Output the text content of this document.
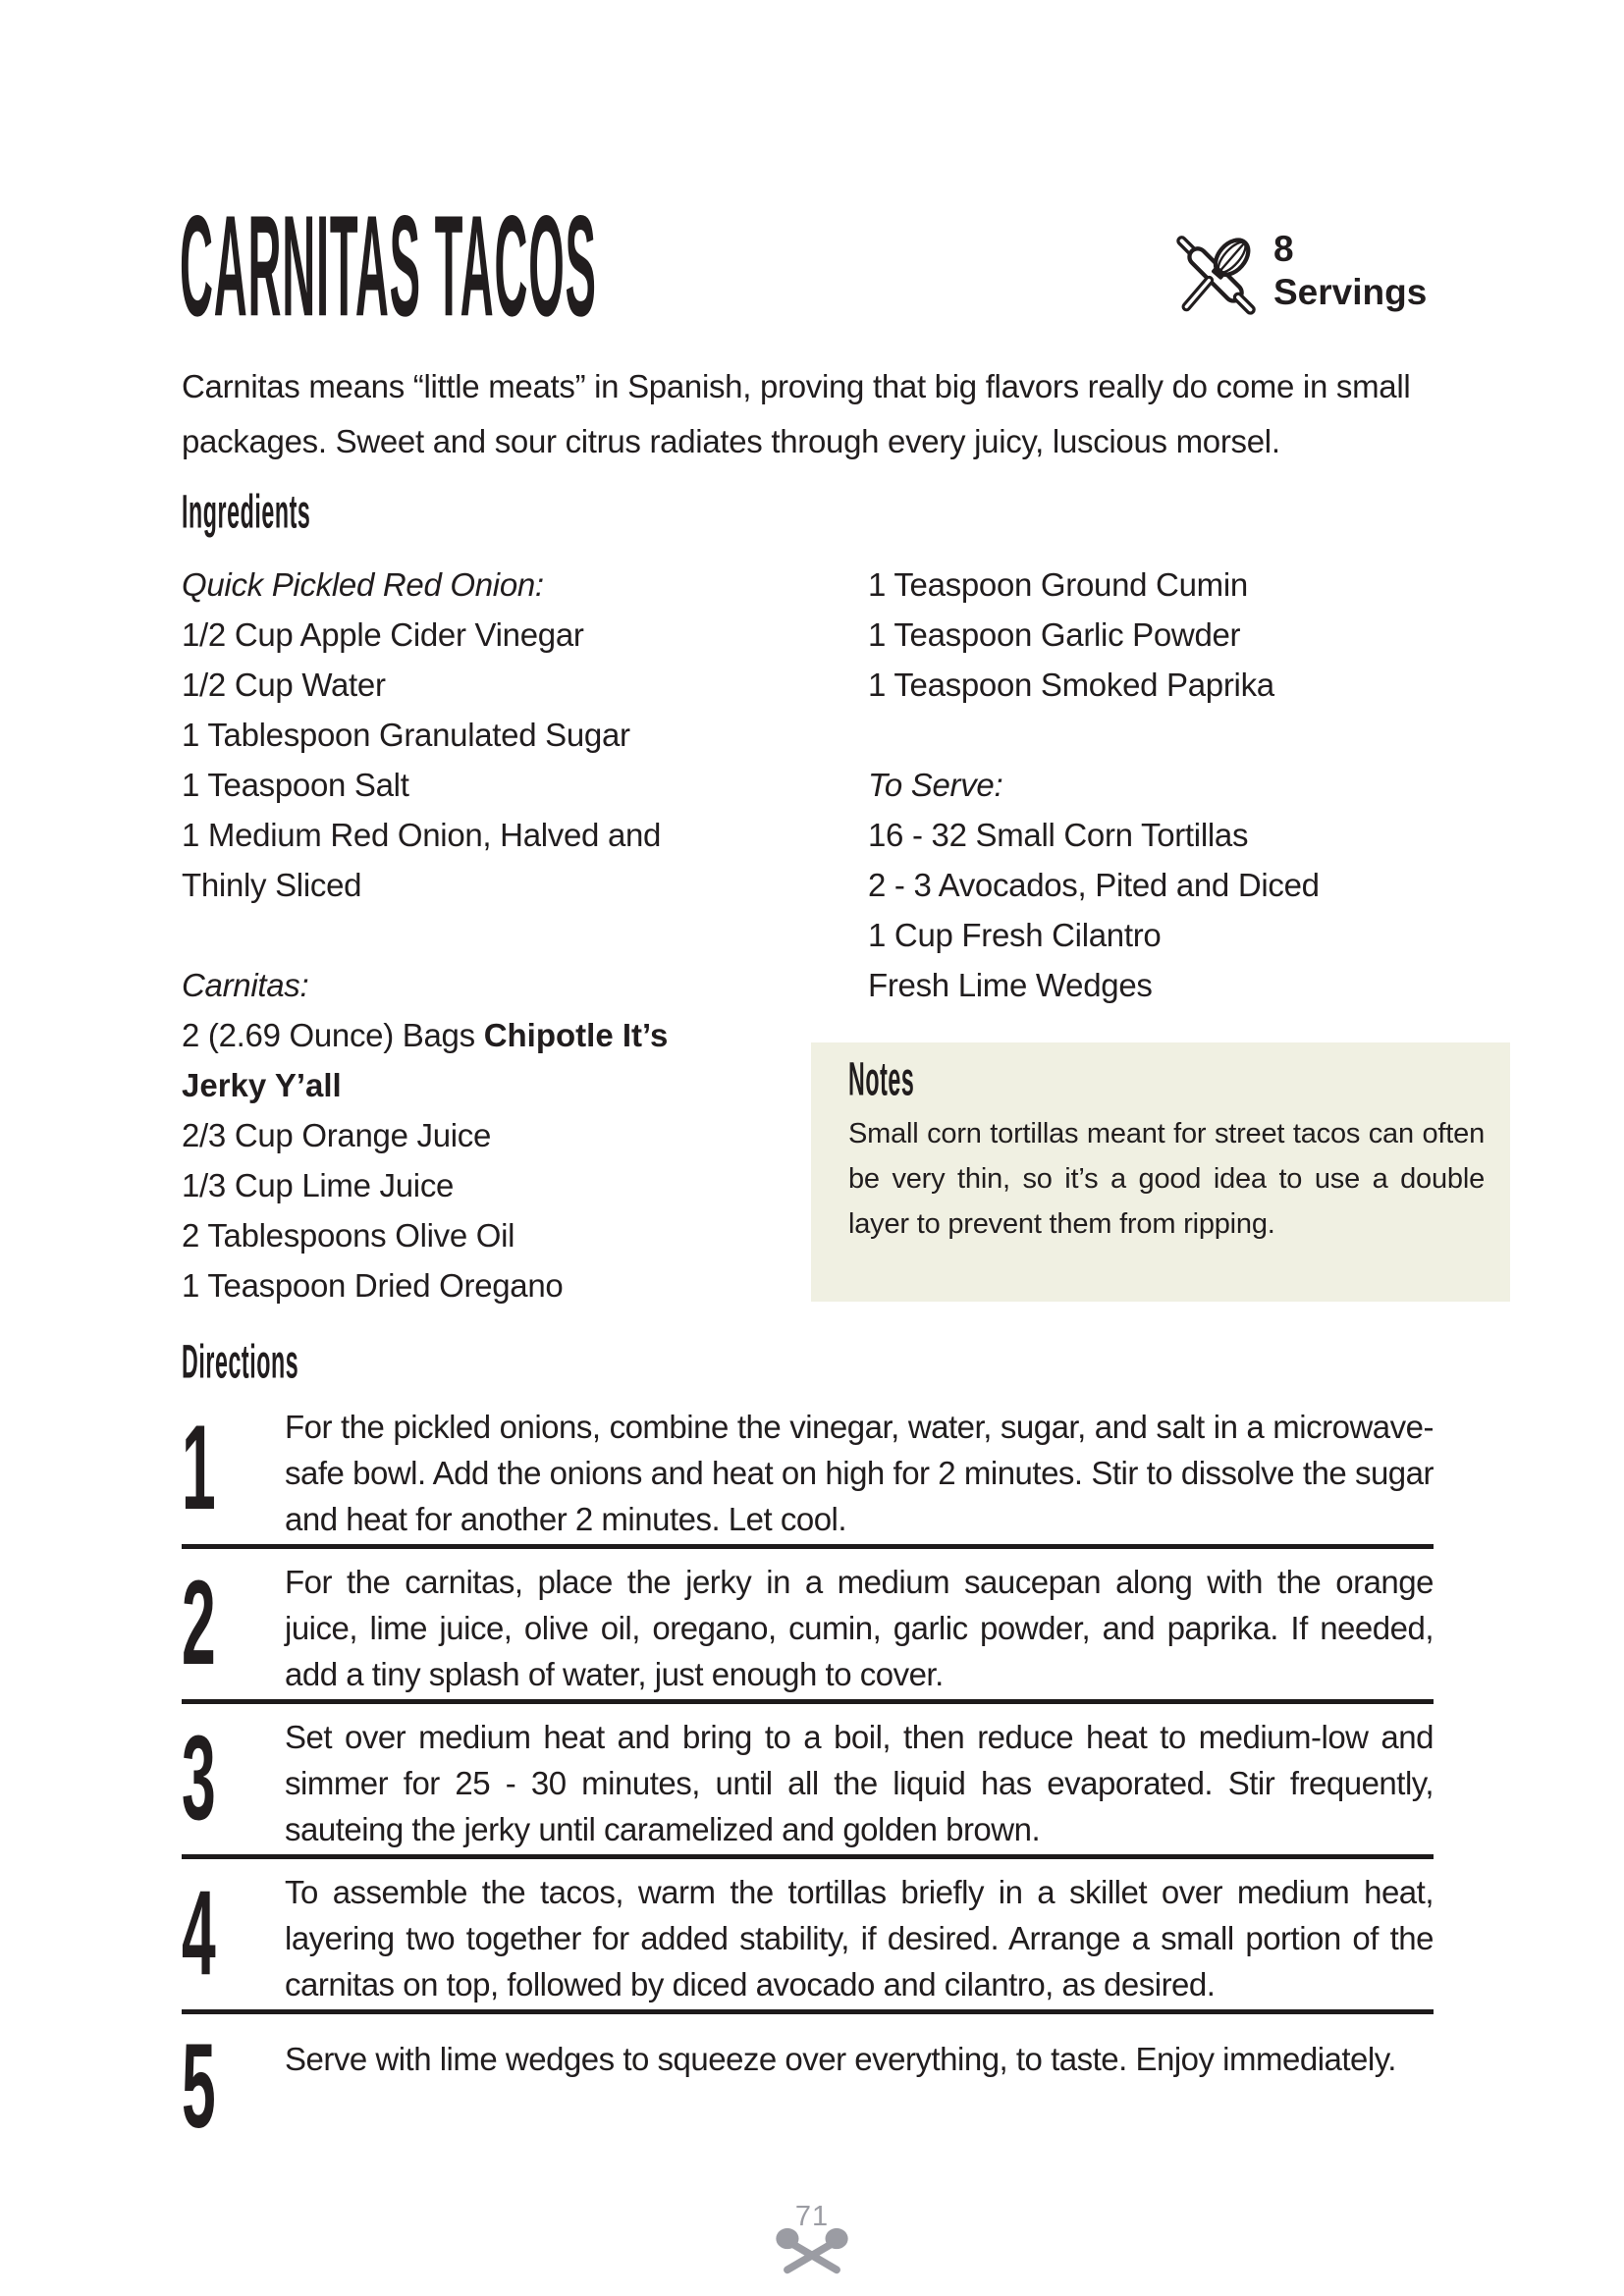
CARNITAS TACOS	8
Servings

Carnitas means “little meats” in Spanish, proving that big flavors really do come in small packages. Sweet and sour citrus radiates through every juicy, luscious morsel.

Ingredients
Quick Pickled Red Onion:
1/2 Cup Apple Cider Vinegar
1/2 Cup Water
1 Tablespoon Granulated Sugar
1 Teaspoon Salt
1 Medium Red Onion, Halved and
Thinly Sliced
Carnitas:
2 (2.69 Ounce) Bags Chipotle It’s
Jerky Y’all
2/3 Cup Orange Juice
1/3 Cup Lime Juice
2 Tablespoons Olive Oil
1 Teaspoon Dried Oregano
1 Teaspoon Ground Cumin
1 Teaspoon Garlic Powder
1 Teaspoon Smoked Paprika
To Serve:
16 - 32 Small Corn Tortillas
2 - 3 Avocados, Pited and Diced
1 Cup Fresh Cilantro
Fresh Lime Wedges
Notes

Small corn tortillas meant for street tacos can often be very thin, so it’s a good idea to use a double layer to prevent them from ripping.

Directions
1 For the pickled onions, combine the vinegar, water, sugar, and salt in a microwave-safe bowl. Add the onions and heat on high for 2 minutes. Stir to dissolve the sugar and heat for another 2 minutes. Let cool.

2 For the carnitas, place the jerky in a medium saucepan along with the orange juice, lime juice, olive oil, oregano, cumin, garlic powder, and paprika. If needed, add a tiny splash of water, just enough to cover.

3 Set over medium heat and bring to a boil, then reduce heat to medium-low and simmer for 25 - 30 minutes, until all the liquid has evaporated. Stir frequently, sauteing the jerky until caramelized and golden brown.

4 To assemble the tacos, warm the tortillas briefly in a skillet over medium heat, layering two together for added stability, if desired. Arrange a small portion of the carnitas on top, followed by diced avocado and cilantro, as desired.

5 Serve with lime wedges to squeeze over everything, to taste. Enjoy immediately.

71
